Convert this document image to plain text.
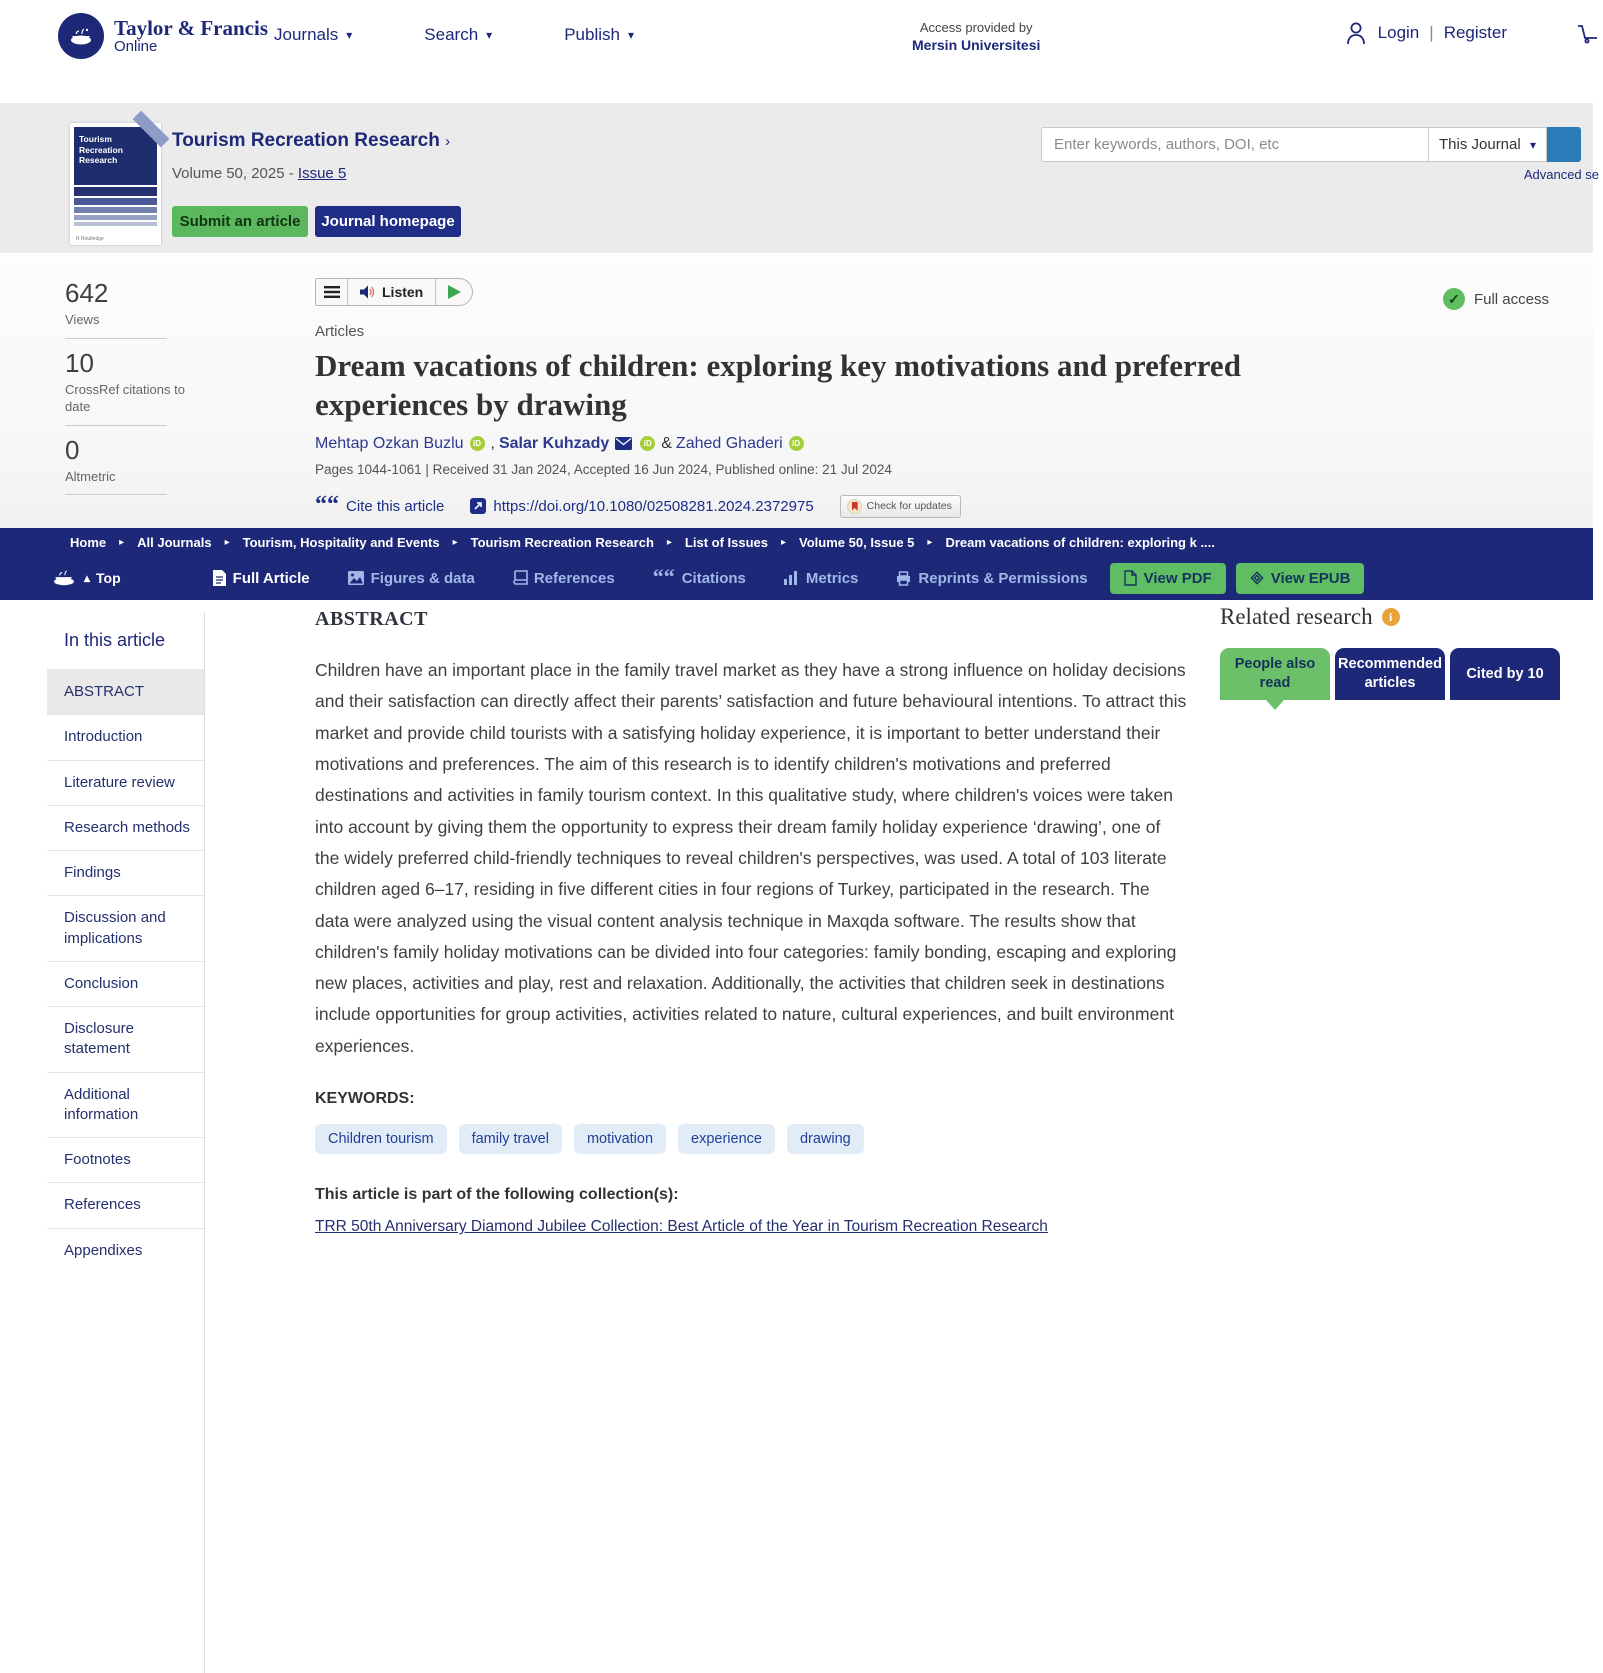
Taylor & Francis
Online
Journals ▾	Search ▾	Publish ▾	Access provided by
Mersin Universitesi
Login | Register
Tourism Recreation Research
R Routledge
Tourism Recreation Research ›
Volume 50, 2025 - Issue 5
Submit an article	Journal homepage
Enter keywords, authors, DOI, etc
This Journal ▾
Advanced se
642
Views
10
CrossRef citations to date
0
Altmetric
Listen
Articles
Dream vacations of children: exploring key motivations and preferred experiences by drawing
Mehtap Ozkan Buzlu	iD , Salar Kuhzady	iD & Zahed Ghaderi	iD
Pages 1044-1061 | Received 31 Jan 2024, Accepted 16 Jun 2024, Published online: 21 Jul 2024
““ Cite this article	https://doi.org/10.1080/02508281.2024.2372975	Check for updates
✓ Full access
Home ▸ All Journals ▸ Tourism, Hospitality and Events ▸ Tourism Recreation Research ▸ List of Issues ▸ Volume 50, Issue 5 ▸ Dream vacations of children: exploring k ....
▴ Top	Full Article	Figures & data	References ““ Citations	Metrics	Reprints & Permissions	View PDF	View EPUB
In this article
ABSTRACT
Introduction
Literature review
Research methods
Findings
Discussion and implications
Conclusion
Disclosure statement
Additional information
Footnotes
References
Appendixes
ABSTRACT

Children have an important place in the family travel market as they have a strong influence on holiday decisions and their satisfaction can directly affect their parents’ satisfaction and future behavioural intentions. To attract this market and provide child tourists with a satisfying holiday experience, it is important to better understand their motivations and preferences. The aim of this research is to identify children's motivations and preferred destinations and activities in family tourism context. In this qualitative study, where children's voices were taken into account by giving them the opportunity to express their dream family holiday experience ‘drawing’, one of the widely preferred child-friendly techniques to reveal children's perspectives, was used. A total of 103 literate children aged 6–17, residing in five different cities in four regions of Turkey, participated in the research. The data were analyzed using the visual content analysis technique in Maxqda software. The results show that children's family holiday motivations can be divided into four categories: family bonding, escaping and exploring new places, activities and play, rest and relaxation. Additionally, the activities that children seek in destinations include opportunities for group activities, activities related to nature, cultural experiences, and built environment experiences.

KEYWORDS:
Children tourism	family travel	motivation	experience	drawing

This article is part of the following collection(s):

TRR 50th Anniversary Diamond Jubilee Collection: Best Article of the Year in Tourism Recreation Research
Related research	i
People also read
Recommended articles
Cited by 10
